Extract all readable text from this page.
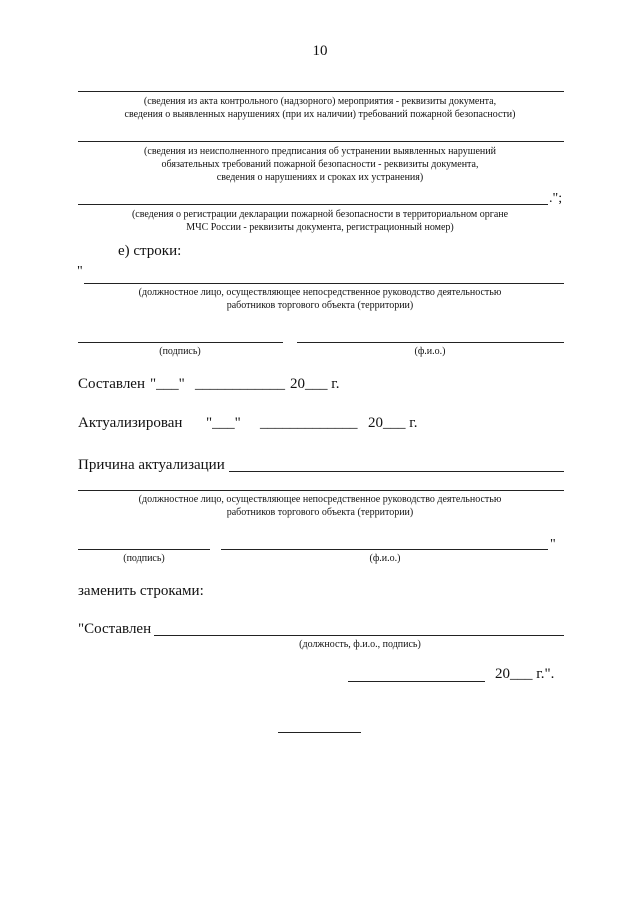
10
(сведения из акта контрольного (надзорного) мероприятия - реквизиты документа,
сведения о выявленных нарушениях (при их наличии) требований пожарной безопасности)
(сведения из неисполненного предписания об устранении выявленных нарушений
обязательных требований пожарной безопасности - реквизиты документа,
сведения о нарушениях и сроках их устранения)
.";
(сведения о регистрации декларации пожарной безопасности в территориальном органе
МЧС России - реквизиты документа, регистрационный номер)
е) строки:
"
(должностное лицо, осуществляющее непосредственное руководство деятельностью
работников торгового объекта (территории)
(подпись)	(ф.и.о.)
Составлен "___" ____________ 20___ г.
Актуализирован "___" _____________ 20___ г.
Причина актуализации
(должностное лицо, осуществляющее непосредственное руководство деятельностью
работников торгового объекта (территории)
"
(подпись)	(ф.и.о.)
заменить строками:
"Составлен
(должность, ф.и.о., подпись)
20___ г.".
